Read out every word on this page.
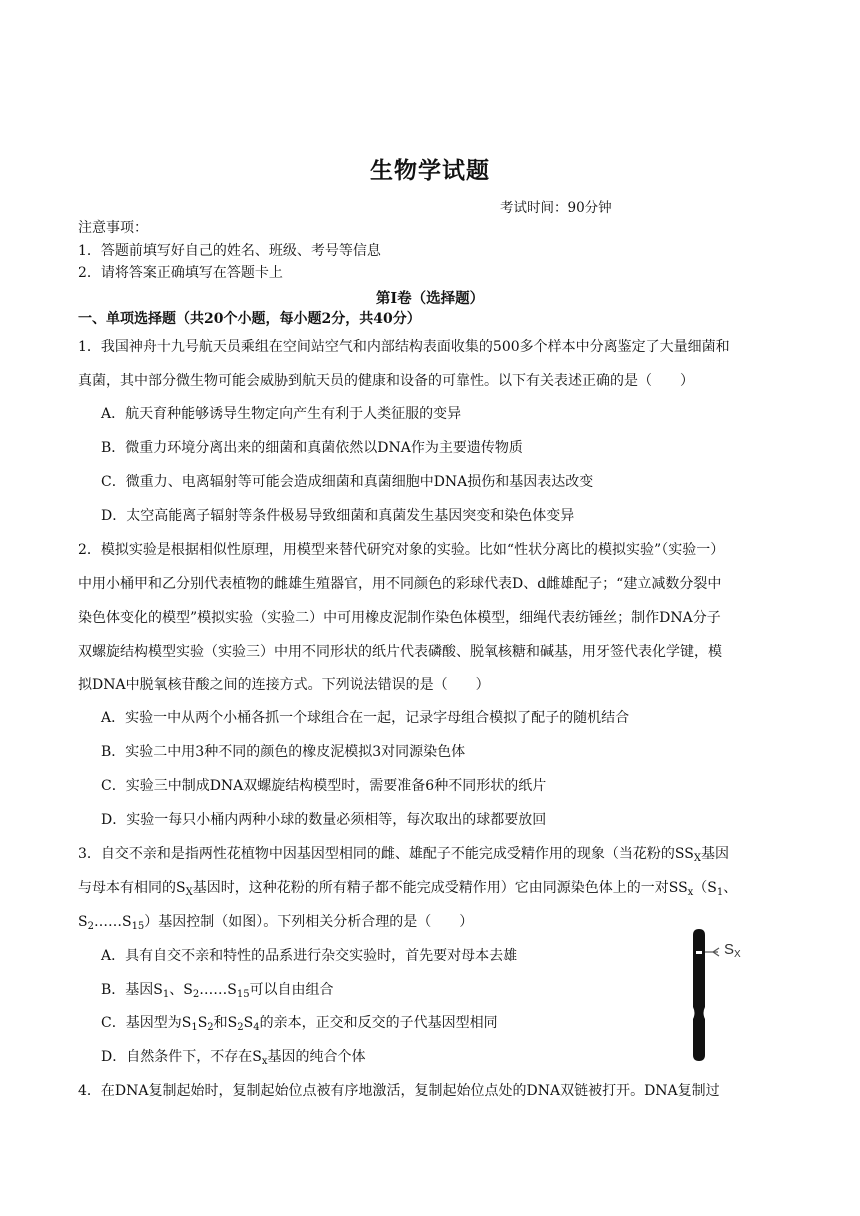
生物学试题
考试时间：90分钟
注意事项：
1．答题前填写好自己的姓名、班级、考号等信息
2．请将答案正确填写在答题卡上
第Ⅰ卷（选择题）
一、单项选择题（共20个小题，每小题2分，共40分）
1．我国神舟十九号航天员乘组在空间站空气和内部结构表面收集的500多个样本中分离鉴定了大量细菌和
真菌，其中部分微生物可能会威胁到航天员的健康和设备的可靠性。以下有关表述正确的是（　　）
A．航天育种能够诱导生物定向产生有利于人类征服的变异
B．微重力环境分离出来的细菌和真菌依然以DNA作为主要遗传物质
C．微重力、电离辐射等可能会造成细菌和真菌细胞中DNA损伤和基因表达改变
D．太空高能离子辐射等条件极易导致细菌和真菌发生基因突变和染色体变异
2．模拟实验是根据相似性原理，用模型来替代研究对象的实验。比如“性状分离比的模拟实验”（实验一）
中用小桶甲和乙分别代表植物的雌雄生殖器官，用不同颜色的彩球代表D、d雌雄配子；“建立减数分裂中
染色体变化的模型”模拟实验（实验二）中可用橡皮泥制作染色体模型，细绳代表纺锤丝；制作DNA分子
双螺旋结构模型实验（实验三）中用不同形状的纸片代表磷酸、脱氧核糖和碱基，用牙签代表化学键，模
拟DNA中脱氧核苷酸之间的连接方式。下列说法错误的是（　　）
A．实验一中从两个小桶各抓一个球组合在一起，记录字母组合模拟了配子的随机结合
B．实验二中用3种不同的颜色的橡皮泥模拟3对同源染色体
C．实验三中制成DNA双螺旋结构模型时，需要准备6种不同形状的纸片
D．实验一每只小桶内两种小球的数量必须相等，每次取出的球都要放回
3．自交不亲和是指两性花植物中因基因型相同的雌、雄配子不能完成受精作用的现象（当花粉的$SS_X$基因
与母本有相同的$S_X$基因时，这种花粉的所有精子都不能完成受精作用）它由同源染色体上的一对$SS_x(S_1$、
$S_2\dots\dots S_{15}$）基因控制（如图）。下列相关分析合理的是（　　）
A．具有自交不亲和特性的品系进行杂交实验时，首先要对母本去雄
B．基因$S_1$、$S_2\dots\dots S_{15}$可以自由组合
C．基因型为$S_1S_2$和$S_2S_4$的亲本，正交和反交的子代基因型相同
D．自然条件下，不存在$S_x$基因的纯合个体
$S_X$
4．在DNA复制起始时，复制起始位点被有序地激活，复制起始位点处的DNA双链被打开。DNA复制过
